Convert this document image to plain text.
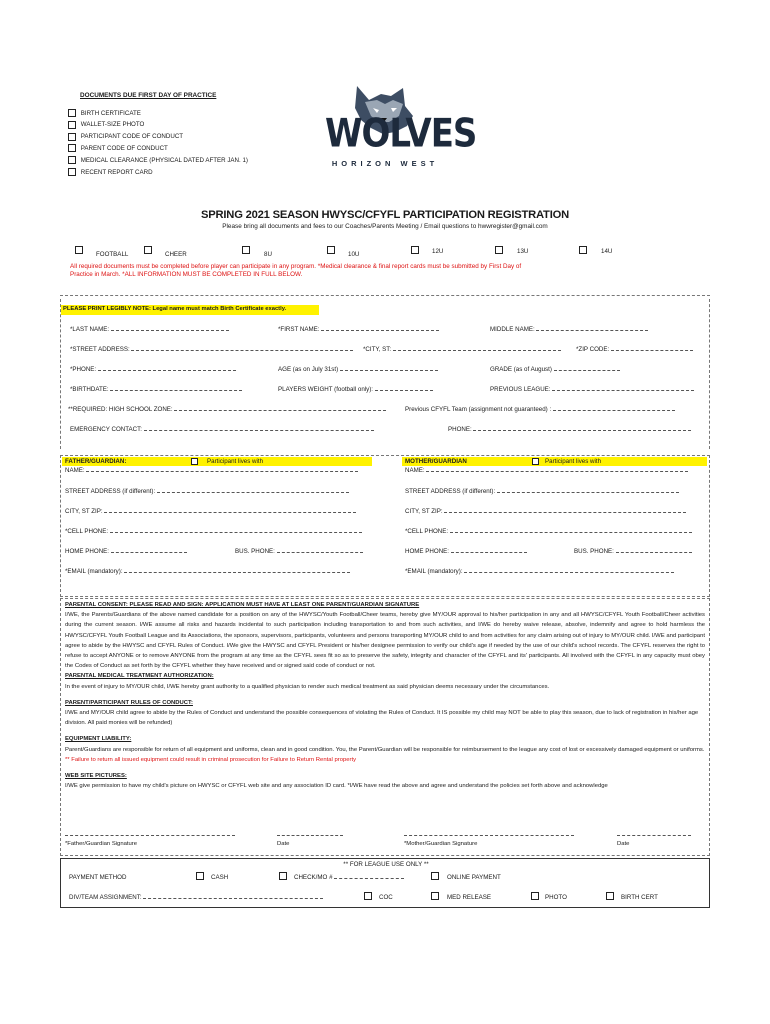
DOCUMENTS DUE FIRST DAY OF PRACTICE
BIRTH CERTIFICATE
WALLET-SIZE PHOTO
PARTICIPANT CODE OF CONDUCT
PARENT CODE OF CONDUCT
MEDICAL CLEARANCE (PHYSICAL DATED AFTER JAN. 1)
RECENT REPORT CARD
WOLVES
HORIZON WEST
SPRING 2021 SEASON HWYSC/CFYFL PARTICIPATION REGISTRATION
Please bring all documents and fees to our Coaches/Parents Meeting / Email questions to hwwregister@gmail.com
FOOTBALL	CHEER	8U	10U	12U	13U	14U
All required documents must be completed before player can participate in any program. *Medical clearance & final report cards must be submitted by First Day of
Practice in March. *ALL INFORMATION MUST BE COMPLETED IN FULL BELOW.
PLEASE PRINT LEGIBLY NOTE: Legal name must match Birth Certificate exactly.
*LAST NAME:	*FIRST NAME:	MIDDLE NAME:
*STREET ADDRESS:	*CITY, ST:	*ZIP CODE:
*PHONE:	AGE (as on July 31st)	GRADE (as of August)
*BIRTHDATE:	PLAYERS WEIGHT (football only):	PREVIOUS LEAGUE:
**REQUIRED: HIGH SCHOOL ZONE:	Previous CFYFL Team (assignment not guaranteed) :
EMERGENCY CONTACT:	PHONE:
FATHER/GUARDIAN:	Participant lives with	MOTHER/GUARDIAN	Participant lives with
NAME:	NAME:
STREET ADDRESS (if different):	STREET ADDRESS (if different):
CITY, ST ZIP:	CITY, ST ZIP:
*CELL PHONE:	*CELL PHONE:
HOME PHONE:	BUS. PHONE:	HOME PHONE:	BUS. PHONE:
*EMAIL (mandatory):	*EMAIL (mandatory):
PARENTAL CONSENT: PLEASE READ AND SIGN: APPLICATION MUST HAVE AT LEAST ONE PARENT/GUARDIAN SIGNATURE
I/WE, the Parents/Guardians of the above named candidate for a position on any of the HWYSC/Youth Football/Cheer teams, hereby give MY/OUR approval to his/her participation in any and all HWYSC/CFYFL Youth Football/Cheer activities during the current season. I/WE assume all risks and hazards incidental to such participation including transportation to and from such activities, and I/WE do hereby waive release, absolve, indemnify and agree to hold harmless the HWYSC/CFYFL Youth Football League and its Associations, the sponsors, supervisors, participants, volunteers and persons transporting MY/OUR child to and from activities for any claim arising out of injury to MY/OUR child. I/WE and participant agree to abide by the HWYSC and CFYFL Rules of Conduct. I/We give the HWYSC and CFYFL President or his/her designee permission to verify our child's age if needed by the use of our child's school records. The CFYFL reserves the right to refuse to accept ANYONE or to remove ANYONE from the program at any time as the CFYFL sees fit so as to preserve the safety, integrity and character of the CFYFL and its' participants. All involved with the CFYFL in any capacity must obey the Codes of Conduct as set forth by the CFYFL whether they have received and or signed said code of conduct or not.
PARENTAL MEDICAL TREATMENT AUTHORIZATION:
In the event of injury to MY/OUR child, I/WE hereby grant authority to a qualified physician to render such medical treatment as said physician deems necessary under the circumstances.
PARENT/PARTICIPANT RULES OF CONDUCT:
I/WE and MY/OUR child agree to abide by the Rules of Conduct and understand the possible consequences of violating the Rules of Conduct. It IS possible my child may NOT be able to play this season, due to lack of registration in his/her age division. All paid monies will be refunded)
EQUIPMENT LIABILITY:
Parent/Guardians are responsible for return of all equipment and uniforms, clean and in good condition. You, the Parent/Guardian will be responsible for reimbursement to the league any cost of lost or excessively damaged equipment or uniforms. ** Failure to return all issued equipment could result in criminal prosecution for Failure to Return Rental property
WEB SITE PICTURES:
I/WE give permission to have my child's picture on HWYSC or CFYFL web site and any association ID card. *I/WE have read the above and agree and understand the policies set forth above and acknowledge
*Father/Guardian Signature	Date	*Mother/Guardian Signature	Date
** FOR LEAGUE USE ONLY **
PAYMENT METHOD	CASH	CHECK/MO #	ONLINE PAYMENT
DIV/TEAM ASSIGNMENT:	COC	MED RELEASE	PHOTO	BIRTH CERT
